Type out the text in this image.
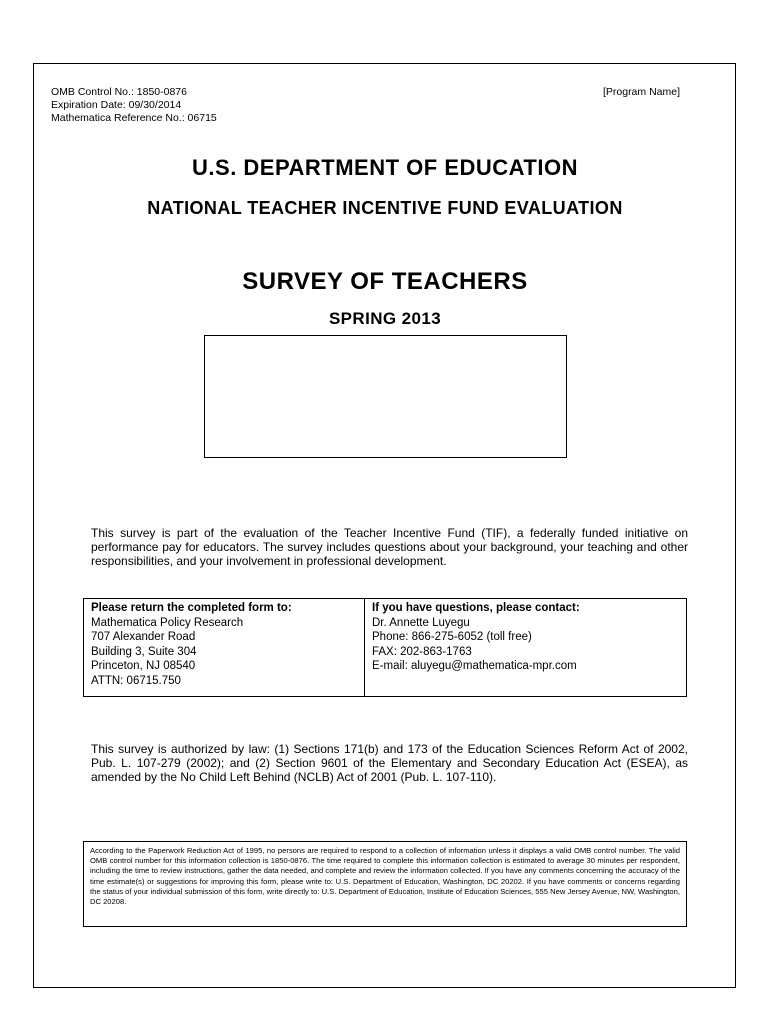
OMB Control No.: 1850-0876
Expiration Date: 09/30/2014
Mathematica Reference No.: 06715
[Program Name]
U.S. DEPARTMENT OF EDUCATION
NATIONAL TEACHER INCENTIVE FUND EVALUATION
SURVEY OF TEACHERS
SPRING 2013
This survey is part of the evaluation of the Teacher Incentive Fund (TIF), a federally funded initiative on performance pay for educators. The survey includes questions about your background, your teaching and other responsibilities, and your involvement in professional development.
Please return the completed form to:
Mathematica Policy Research
707 Alexander Road
Building 3, Suite 304
Princeton, NJ 08540
ATTN: 06715.750
If you have questions, please contact:
Dr. Annette Luyegu
Phone: 866-275-6052 (toll free)
FAX: 202-863-1763
E-mail: aluyegu@mathematica-mpr.com
This survey is authorized by law: (1) Sections 171(b) and 173 of the Education Sciences Reform Act of 2002, Pub. L. 107-279 (2002); and (2) Section 9601 of the Elementary and Secondary Education Act (ESEA), as amended by the No Child Left Behind (NCLB) Act of 2001 (Pub. L. 107-110).
According to the Paperwork Reduction Act of 1995, no persons are required to respond to a collection of information unless it displays a valid OMB control number. The valid OMB control number for this information collection is 1850-0876. The time required to complete this information collection is estimated to average 30 minutes per respondent, including the time to review instructions, gather the data needed, and complete and review the information collected. If you have any comments concerning the accuracy of the time estimate(s) or suggestions for improving this form, please write to: U.S. Department of Education, Washington, DC 20202. If you have comments or concerns regarding the status of your individual submission of this form, write directly to: U.S. Department of Education, Institute of Education Sciences, 555 New Jersey Avenue, NW, Washington, DC 20208.
